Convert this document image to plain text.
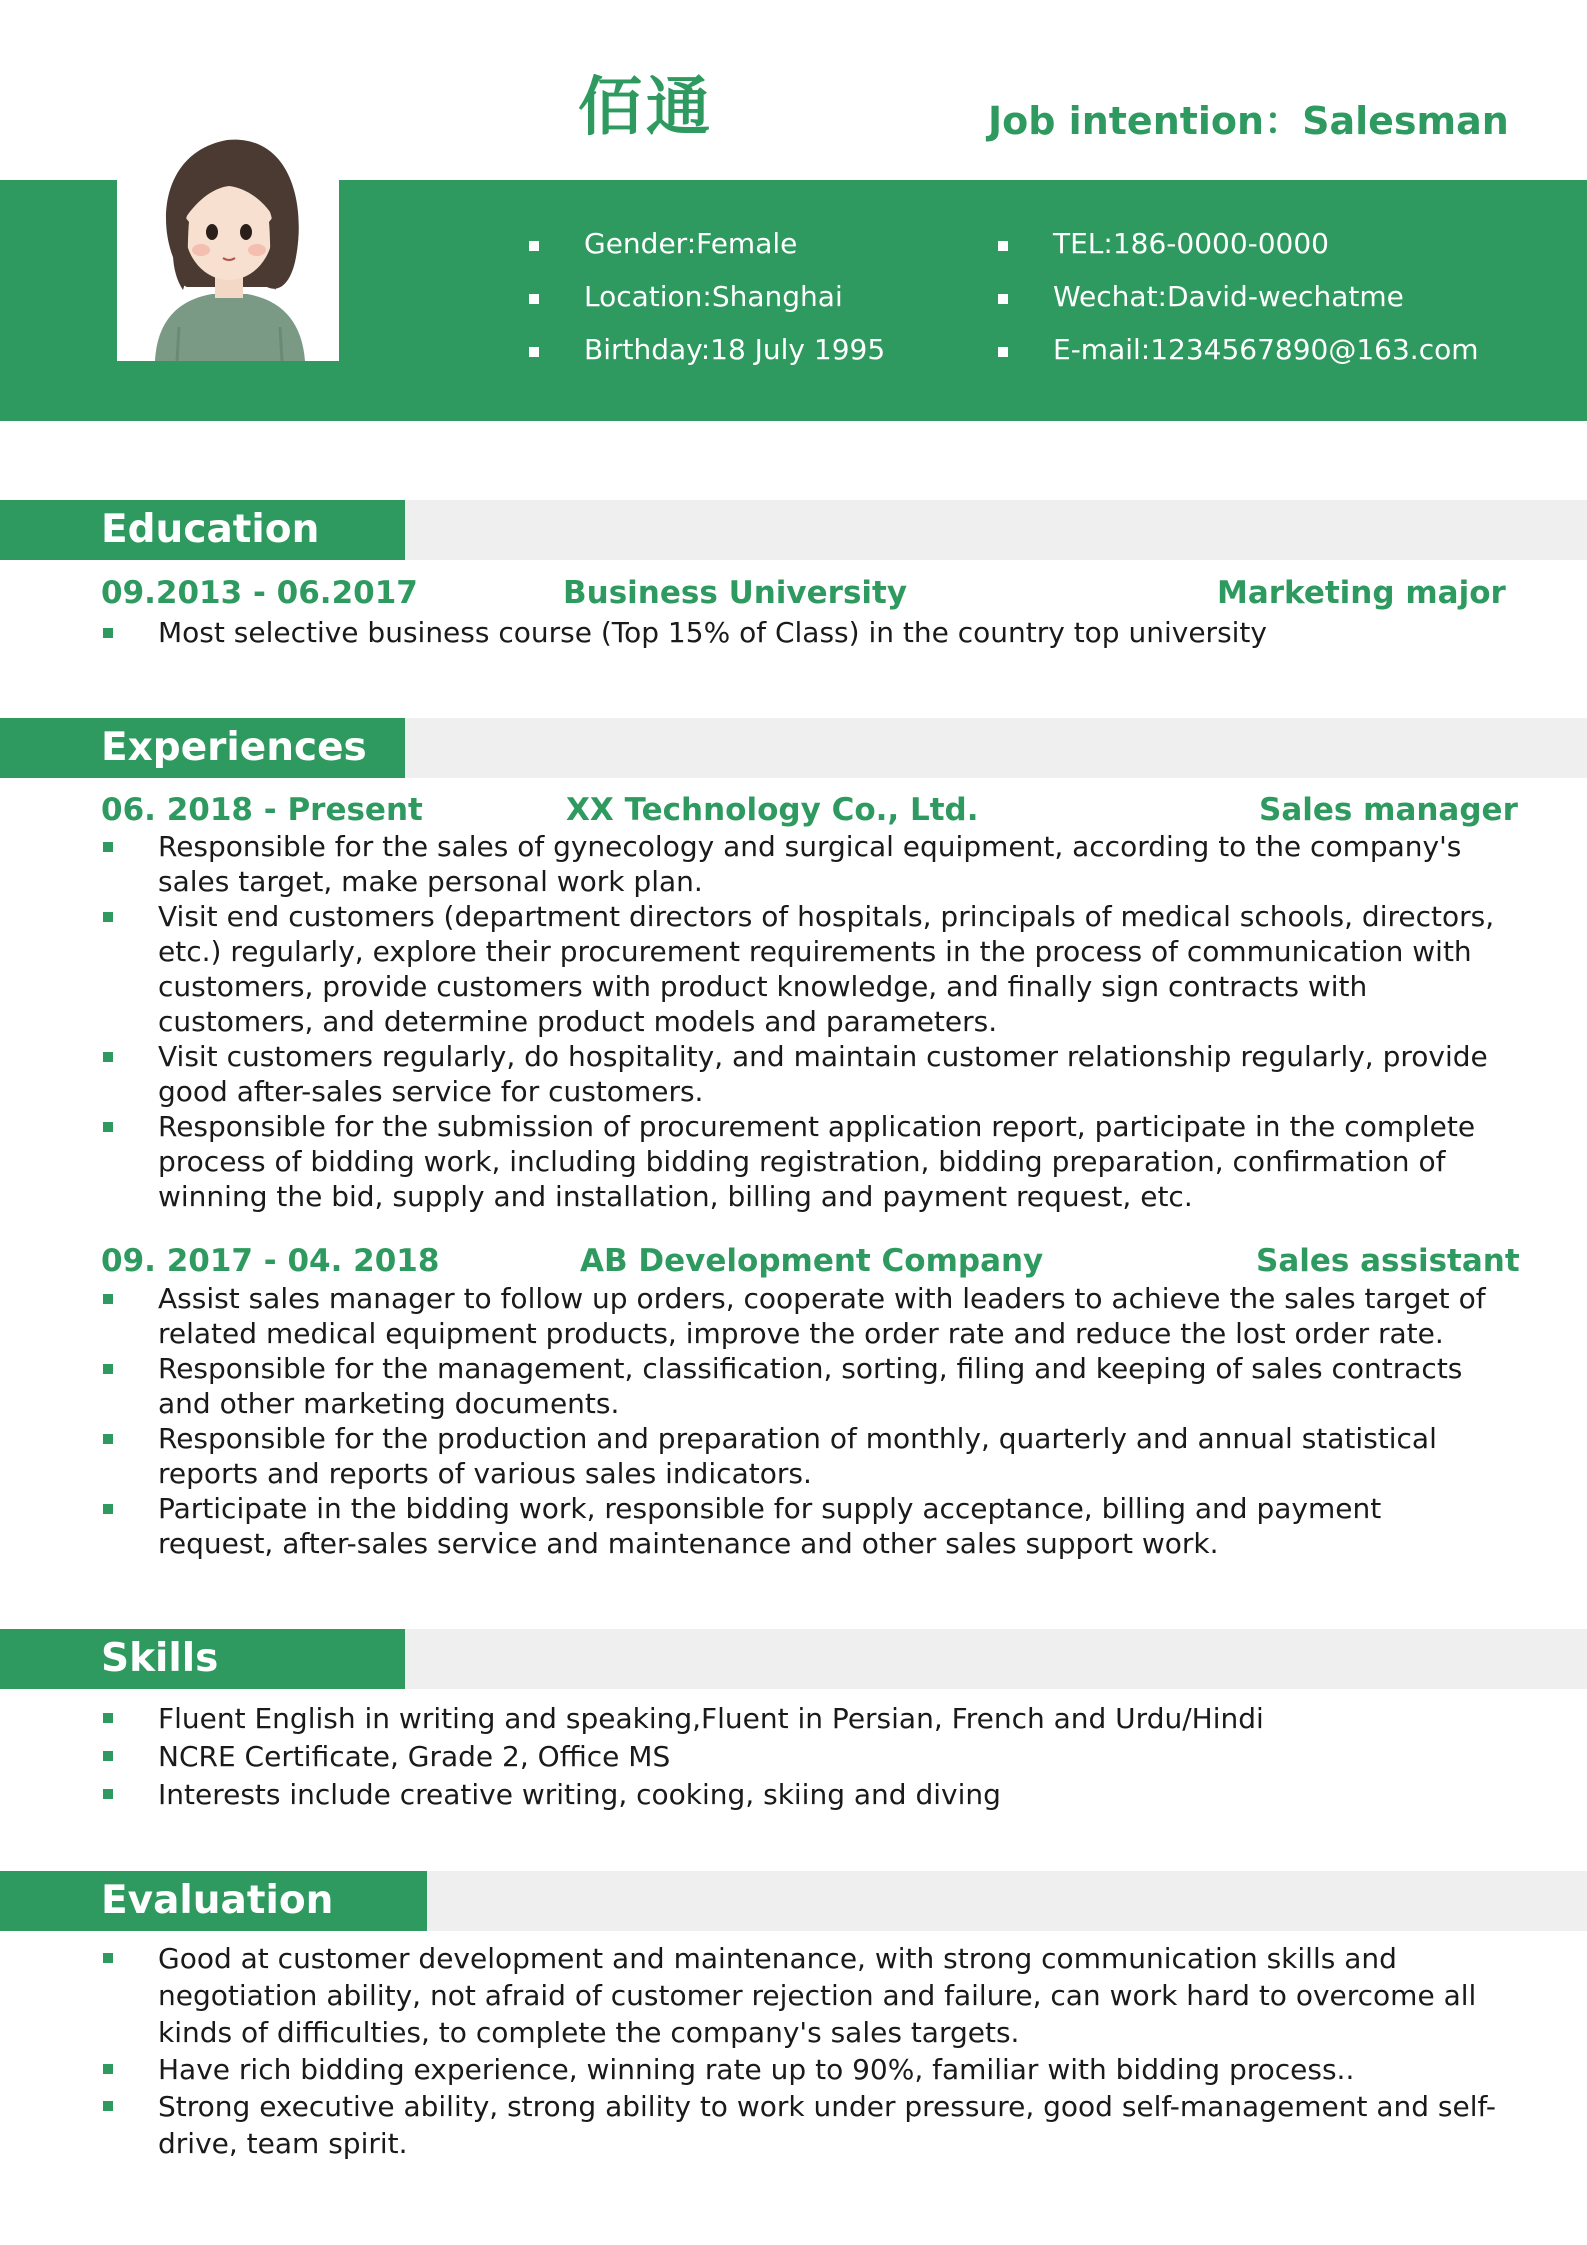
佰通	Job intention：Salesman
Gender:Female
Location:Shanghai
Birthday:18 July 1995
TEL:186-0000-0000
Wechat:David-wechatme
E-mail:1234567890@163.com
Education
09.2013 - 06.2017	Business University	Marketing major
Most selective business course (Top 15% of Class) in the country top university
Experiences
06. 2018 - Present	XX Technology Co., Ltd.	Sales manager
Responsible for the sales of gynecology and surgical equipment, according to the company's sales target, make personal work plan.
Visit end customers (department directors of hospitals, principals of medical schools, directors, etc.) regularly, explore their procurement requirements in the process of communication with customers, provide customers with product knowledge, and finally sign contracts with customers, and determine product models and parameters.
Visit customers regularly, do hospitality, and maintain customer relationship regularly, provide good after-sales service for customers.
Responsible for the submission of procurement application report, participate in the complete process of bidding work, including bidding registration, bidding preparation, confirmation of winning the bid, supply and installation, billing and payment request, etc.
09. 2017 - 04. 2018	AB Development Company	Sales assistant
Assist sales manager to follow up orders, cooperate with leaders to achieve the sales target of related medical equipment products, improve the order rate and reduce the lost order rate.
Responsible for the management, classification, sorting, filing and keeping of sales contracts and other marketing documents.
Responsible for the production and preparation of monthly, quarterly and annual statistical reports and reports of various sales indicators.
Participate in the bidding work, responsible for supply acceptance, billing and payment request, after-sales service and maintenance and other sales support work.
Skills
Fluent English in writing and speaking,Fluent in Persian, French and Urdu/Hindi
NCRE Certificate, Grade 2, Office MS
Interests include creative writing, cooking, skiing and diving
Evaluation
Good at customer development and maintenance, with strong communication skills and negotiation ability, not afraid of customer rejection and failure, can work hard to overcome all kinds of difficulties, to complete the company's sales targets.
Have rich bidding experience, winning rate up to 90%, familiar with bidding process..
Strong executive ability, strong ability to work under pressure, good self-management and self-drive, team spirit.
